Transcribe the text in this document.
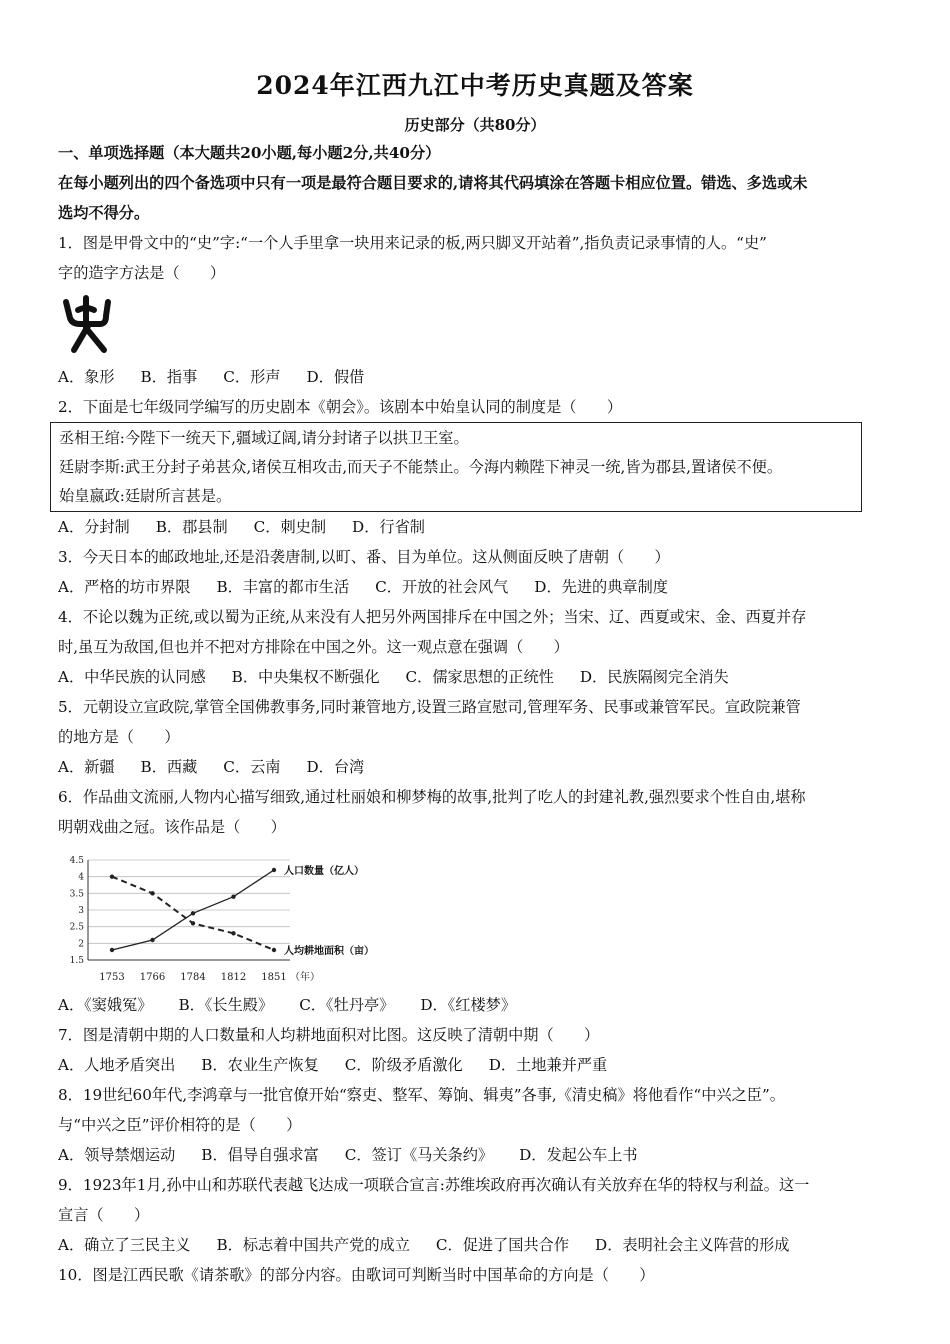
2024年江西九江中考历史真题及答案
历史部分（共80分）
一、单项选择题（本大题共20小题,每小题2分,共40分）
在每小题列出的四个备选项中只有一项是最符合题目要求的,请将其代码填涂在答题卡相应位置。错选、多选或未
选均不得分。
1．图是甲骨文中的“史”字:“一个人手里拿一块用来记录的板,两只脚叉开站着”,指负责记录事情的人。“史”
字的造字方法是（　　）
A．象形 B．指事 C．形声 D．假借
2．下面是七年级同学编写的历史剧本《朝会》。该剧本中始皇认同的制度是（　　）
丞相王绾:今陛下一统天下,疆域辽阔,请分封诸子以拱卫王室。
廷尉李斯:武王分封子弟甚众,诸侯互相攻击,而天子不能禁止。今海内赖陛下神灵一统,皆为郡县,置诸侯不便。
始皇嬴政:廷尉所言甚是。
A．分封制 B．郡县制 C．刺史制 D．行省制
3．今天日本的邮政地址,还是沿袭唐制,以町、番、目为单位。这从侧面反映了唐朝（　　）
A．严格的坊市界限 B．丰富的都市生活 C．开放的社会风气 D．先进的典章制度
4．不论以魏为正统,或以蜀为正统,从来没有人把另外两国排斥在中国之外；当宋、辽、西夏或宋、金、西夏并存
时,虽互为敌国,但也并不把对方排除在中国之外。这一观点意在强调（　　）
A．中华民族的认同感 B．中央集权不断强化 C．儒家思想的正统性 D．民族隔阂完全消失
5．元朝设立宣政院,掌管全国佛教事务,同时兼管地方,设置三路宣慰司,管理军务、民事或兼管军民。宣政院兼管
的地方是（　　）
A．新疆 B．西藏 C．云南 D．台湾
6．作品曲文流丽,人物内心描写细致,通过杜丽娘和柳梦梅的故事,批判了吃人的封建礼教,强烈要求个性自由,堪称
明朝戏曲之冠。该作品是（　　）
1.5
2
2.5
3
3.5
4
4.5
1753 1766 1784 1812 1851 （年）
人口数量（亿人）
人均耕地面积（亩）
A．《窦娥冤》 B．《长生殿》 C．《牡丹亭》 D．《红楼梦》
7．图是清朝中期的人口数量和人均耕地面积对比图。这反映了清朝中期（　　）
A．人地矛盾突出 B．农业生产恢复 C．阶级矛盾激化 D．土地兼并严重
8．19世纪60年代,李鸿章与一批官僚开始“察吏、整军、筹饷、辑夷”各事,《清史稿》将他看作“中兴之臣”。
与“中兴之臣”评价相符的是（　　）
A．领导禁烟运动 B．倡导自强求富 C．签订《马关条约》 D．发起公车上书
9．1923年1月,孙中山和苏联代表越飞达成一项联合宣言:苏维埃政府再次确认有关放弃在华的特权与利益。这一
宣言（　　）
A．确立了三民主义 B．标志着中国共产党的成立 C．促进了国共合作 D．表明社会主义阵营的形成
10．图是江西民歌《请茶歌》的部分内容。由歌词可判断当时中国革命的方向是（　　）
